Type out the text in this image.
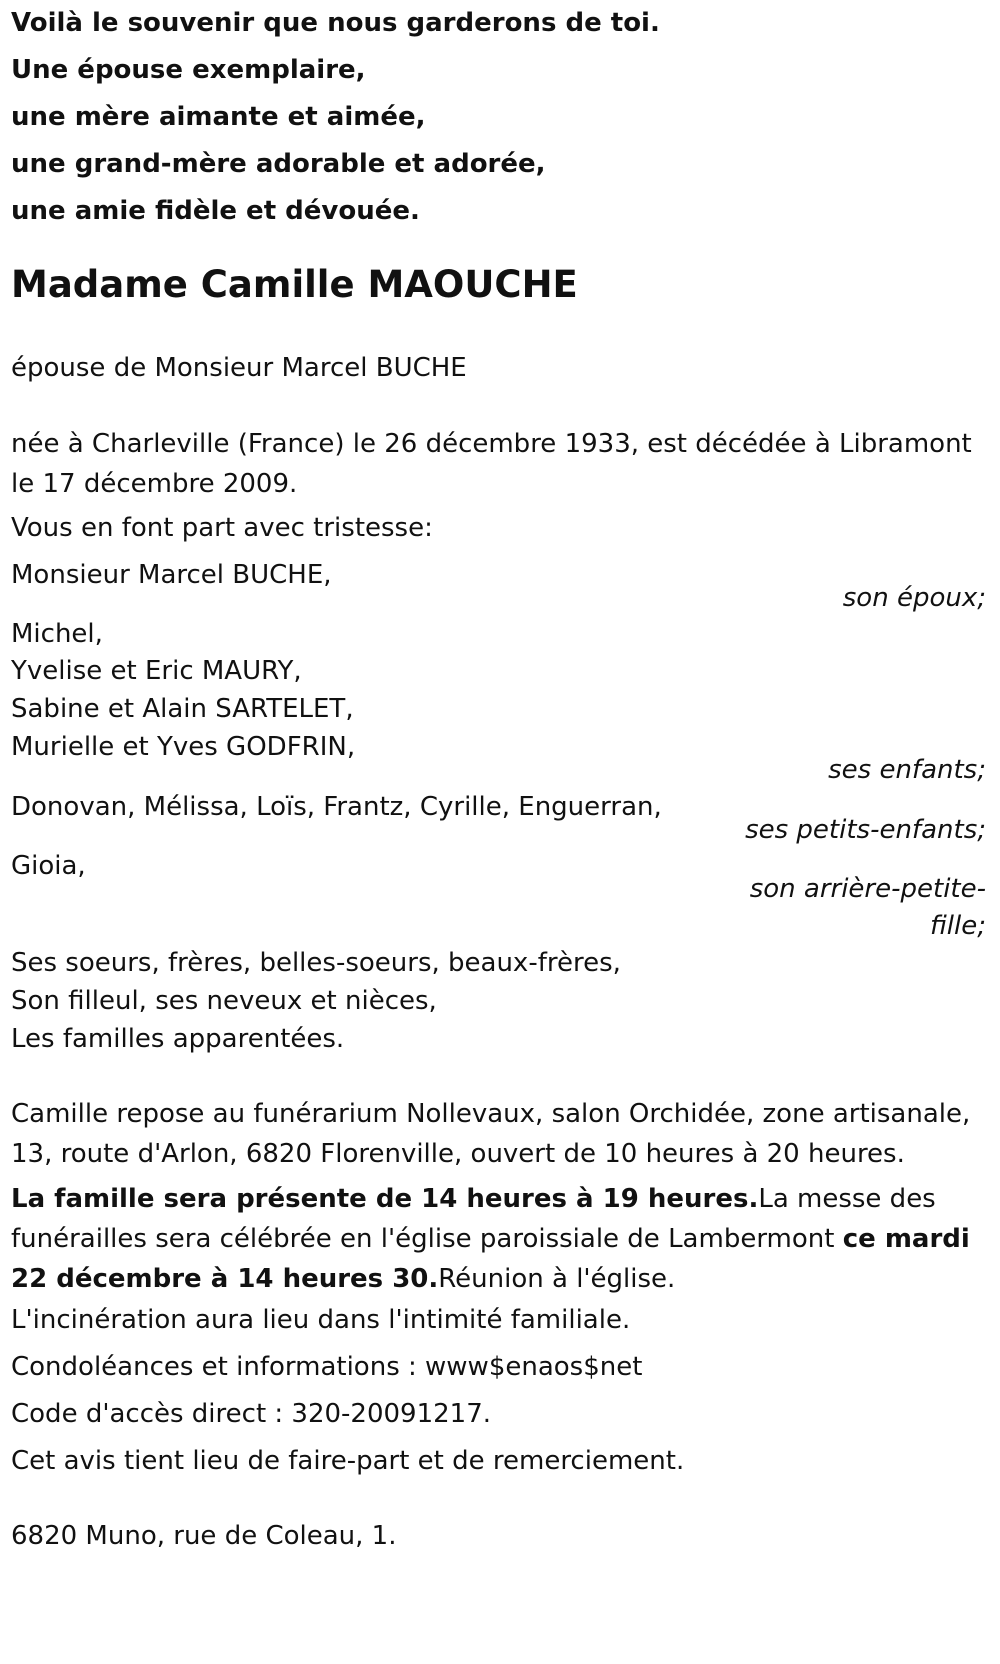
Voilà le souvenir que nous garderons de toi.
Une épouse exemplaire,
une mère aimante et aimée,
une grand-mère adorable et adorée,
une amie fidèle et dévouée.
Madame Camille MAOUCHE
épouse de Monsieur Marcel BUCHE
née à Charleville (France) le 26 décembre 1933, est décédée à Libramont le 17 décembre 2009.
Vous en font part avec tristesse:
Monsieur Marcel BUCHE,
son époux;
Michel,
Yvelise et Eric MAURY,
Sabine et Alain SARTELET,
Murielle et Yves GODFRIN,
ses enfants;
Donovan, Mélissa, Loïs, Frantz, Cyrille, Enguerran,
ses petits-enfants;
Gioia,
son arrière-petite-
fille;
Ses soeurs, frères, belles-soeurs, beaux-frères,
Son filleul, ses neveux et nièces,
Les familles apparentées.
Camille repose au funérarium Nollevaux, salon Orchidée, zone artisanale, 13, route d'Arlon, 6820 Florenville, ouvert de 10 heures à 20 heures.
La famille sera présente de 14 heures à 19 heures.La messe des funérailles sera célébrée en l'église paroissiale de Lambermont ce mardi 22 décembre à 14 heures 30.Réunion à l'église.
L'incinération aura lieu dans l'intimité familiale.
Condoléances et informations : www$enaos$net
Code d'accès direct : 320-20091217.
Cet avis tient lieu de faire-part et de remerciement.
6820 Muno, rue de Coleau, 1.
